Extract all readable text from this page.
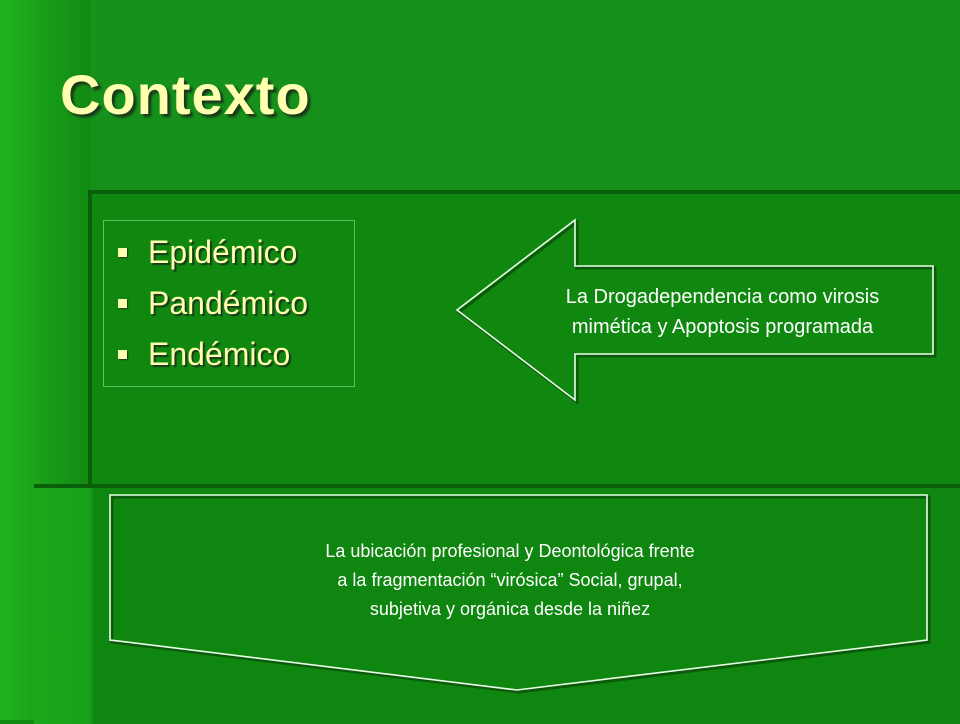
Contexto
Epidémico
Pandémico
Endémico
La Drogadependencia como virosis
mimética y Apoptosis programada
La ubicación profesional y Deontológica frente
a la fragmentación “virósica” Social, grupal,
subjetiva y orgánica desde la niñez
